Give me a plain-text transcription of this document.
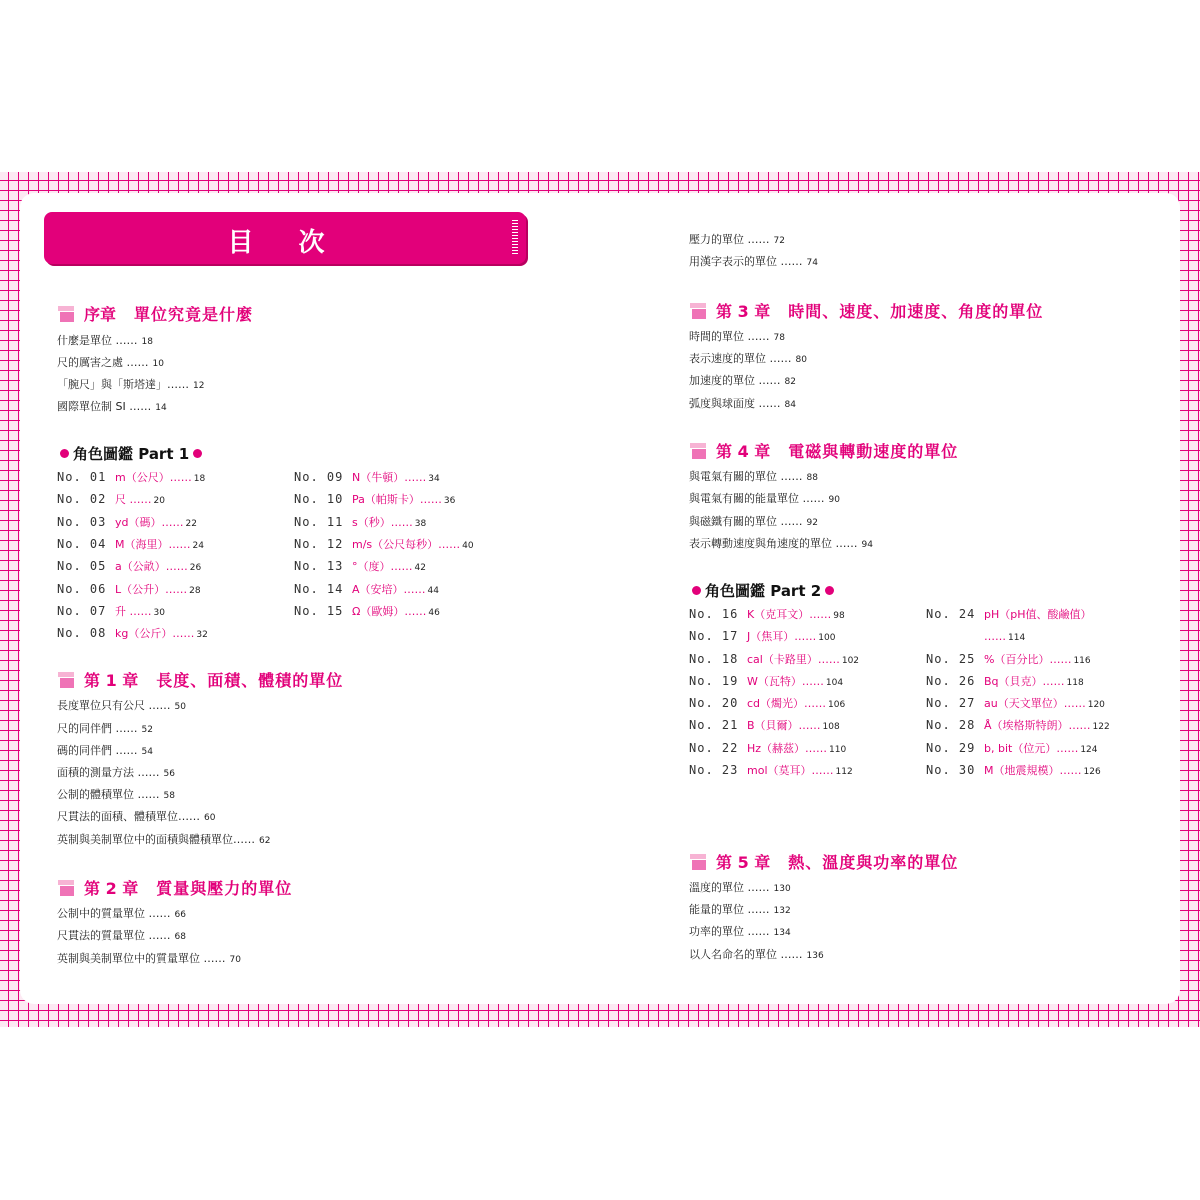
目 次
序章 單位究竟是什麼
什麼是單位 …… 18
尺的厲害之處 …… 10
「腕尺」與「斯塔達」…… 12
國際單位制 SI …… 14
角色圖鑑 Part 1
No. 01 m（公尺）…… 18
No. 02 尺 …… 20
No. 03 yd（碼）…… 22
No. 04 M（海里）…… 24
No. 05 a（公畝）…… 26
No. 06 L（公升）…… 28
No. 07 升 …… 30
No. 08 kg（公斤）…… 32
No. 09 N（牛頓）…… 34
No. 10 Pa（帕斯卡）…… 36
No. 11 s（秒）…… 38
No. 12 m/s（公尺每秒）…… 40
No. 13 °（度）…… 42
No. 14 A（安培）…… 44
No. 15 Ω（歐姆）…… 46
第 1 章 長度、面積、體積的單位
長度單位只有公尺 …… 50
尺的同伴們 …… 52
碼的同伴們 …… 54
面積的測量方法 …… 56
公制的體積單位 …… 58
尺貫法的面積、體積單位…… 60
英制與美制單位中的面積與體積單位…… 62
第 2 章 質量與壓力的單位
公制中的質量單位 …… 66
尺貫法的質量單位 …… 68
英制與美制單位中的質量單位 …… 70
壓力的單位 …… 72
用漢字表示的單位 …… 74
第 3 章 時間、速度、加速度、角度的單位
時間的單位 …… 78
表示速度的單位 …… 80
加速度的單位 …… 82
弧度與球面度 …… 84
第 4 章 電磁與轉動速度的單位
與電氣有關的單位 …… 88
與電氣有關的能量單位 …… 90
與磁鐵有關的單位 …… 92
表示轉動速度與角速度的單位 …… 94
角色圖鑑 Part 2
No. 16 K（克耳文）…… 98
No. 17 J（焦耳）…… 100
No. 18 cal（卡路里）…… 102
No. 19 W（瓦特）…… 104
No. 20 cd（燭光）…… 106
No. 21 B（貝爾）…… 108
No. 22 Hz（赫茲）…… 110
No. 23 mol（莫耳）…… 112
No. 24 pH（pH值、酸鹼值）
…… 114
No. 25 %（百分比）…… 116
No. 26 Bq（貝克）…… 118
No. 27 au（天文單位）…… 120
No. 28 Å（埃格斯特朗）…… 122
No. 29 b, bit（位元）…… 124
No. 30 M（地震規模）…… 126
第 5 章 熱、溫度與功率的單位
溫度的單位 …… 130
能量的單位 …… 132
功率的單位 …… 134
以人名命名的單位 …… 136
